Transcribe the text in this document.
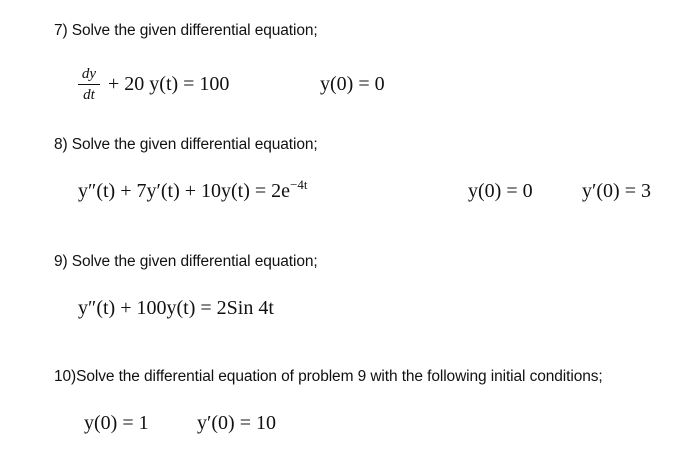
7) Solve the given differential equation;
dy
dt + 20 y(t) = 100	y(0) = 0
8) Solve the given differential equation;
$y''(t) + 7y'(t) + 10y(t) = 2e^{-4t}$	y(0) = 0 y′(0) = 3
9) Solve the given differential equation;
y″(t) + 100y(t) = 2Sin 4t
10)Solve the differential equation of problem 9 with the following initial conditions;
y(0) = 1 y′(0) = 10
